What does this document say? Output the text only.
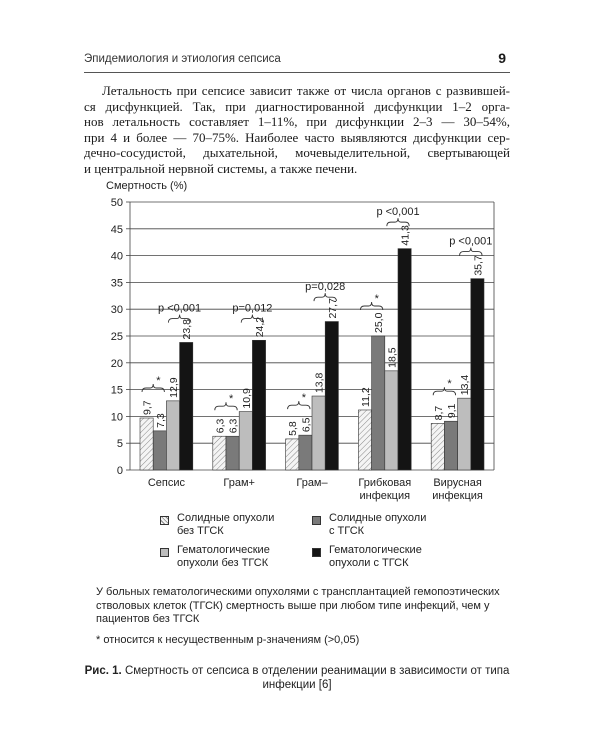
Эпидемиология и этиология сепсиса	9
Летальность при сепсисе зависит также от числа органов с развившей-
ся дисфункцией. Так, при диагностированной дисфункции 1–2 орга-
нов летальность составляет 1–11%, при дисфункции 2–3 — 30–54%,
при 4 и более — 70–75%. Наиболее часто выявляются дисфункции сер-
дечно-сосудистой, дыхательной, мочевыделительной, свертывающей
и центральной нервной системы, а также печени.
Смертность (%)
0
5
10
15
20
25
30
35
40
45
50
9,7
6,3	5,8
11,2
8,7
7,3	6,3	6,5
25,0
9,1
12,9
10,9
13,8
18,5
13,4
23,8	24,2
27,7
41,3
35,7
*
*	*
*
*
p <0,001	p=0,012
p=0,028
p <0,001
p <0,001
Сепсис	Грам+	Грам–	Грибковая
инфекция
Вирусная
инфекция
Солидные опухоли
без ТГСК
Солидные опухоли
с ТГСК
Гематологические
опухоли без ТГСК
Гематологические
опухоли с ТГСК
У больных гематологическими опухолями с трансплантацией гемопоэтических стволовых клеток (ТГСК) смертность выше при любом типе инфекций, чем у пациентов без ТГСК
* относится к несущественным p-значениям (>0,05)
Рис. 1. Смертность от сепсиса в отделении реанимации в зависимости от типа инфекции [6]
